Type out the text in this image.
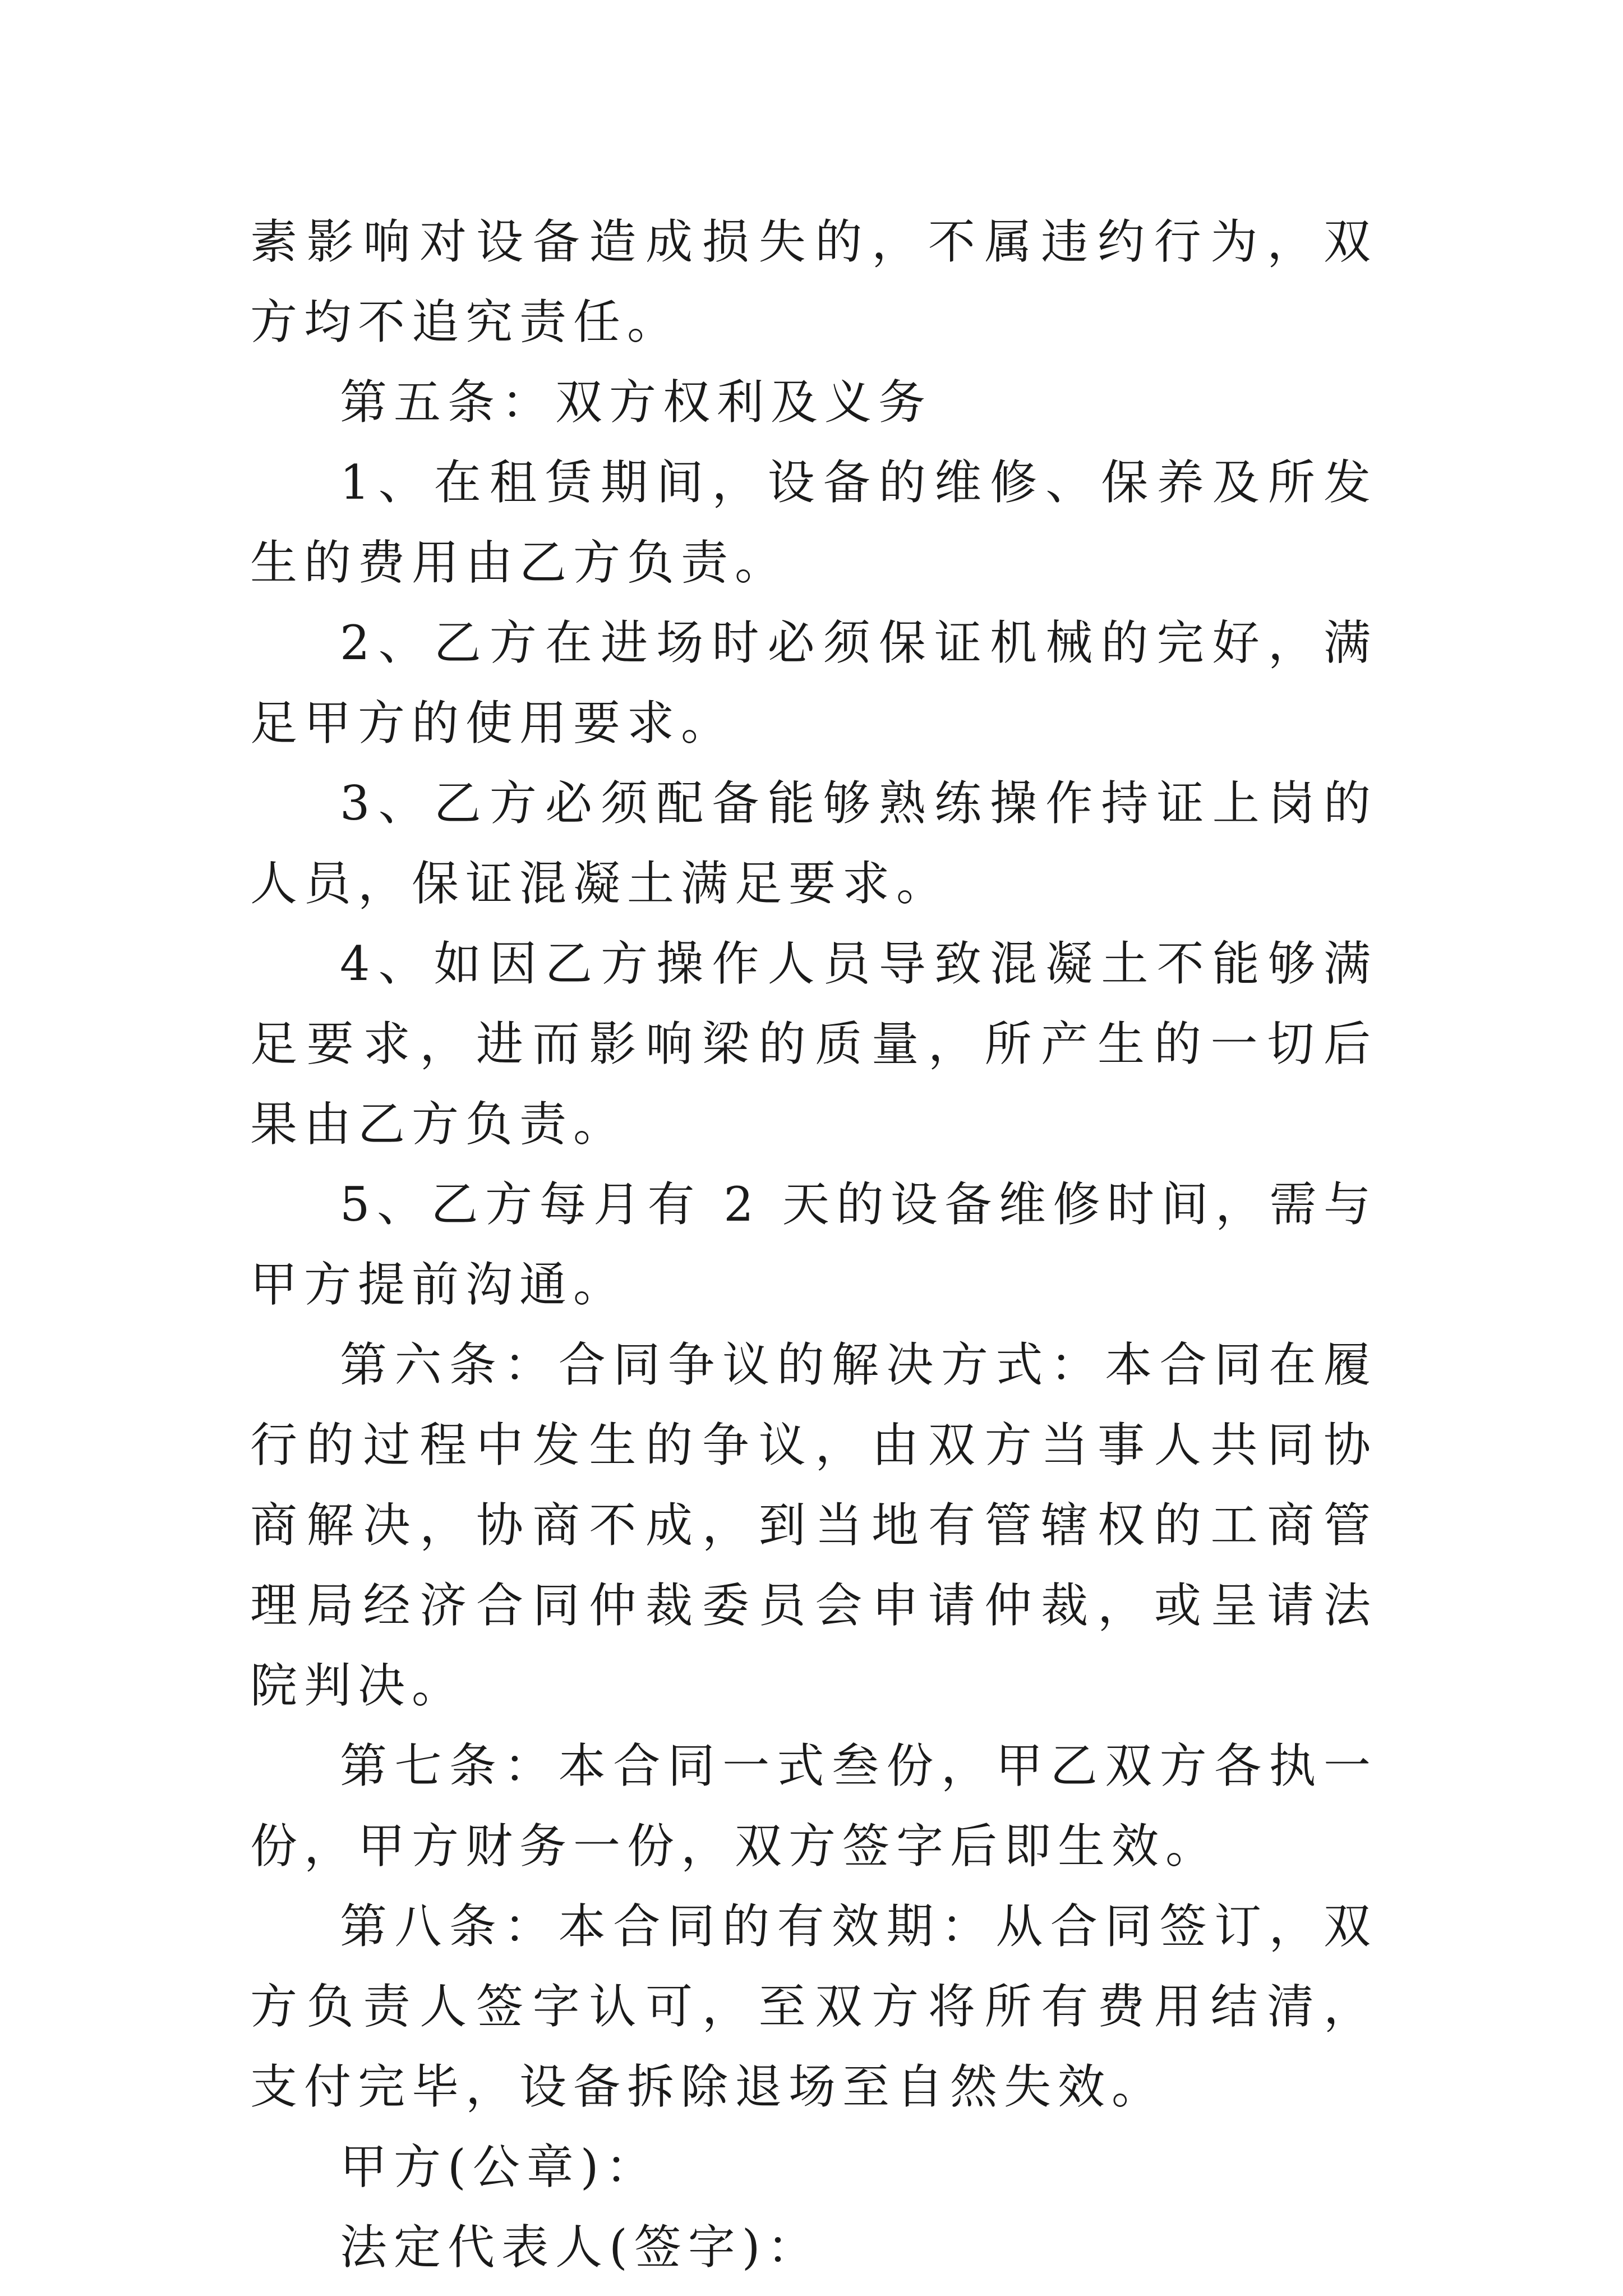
素影响对设备造成损失的，不属违约行为，双方均不追究责任。

第五条：双方权利及义务

1、在租赁期间，设备的维修、保养及所发生的费用由乙方负责。

2、乙方在进场时必须保证机械的完好，满足甲方的使用要求。

3、乙方必须配备能够熟练操作持证上岗的人员，保证混凝土满足要求。

4、如因乙方操作人员导致混凝土不能够满足要求，进而影响梁的质量，所产生的一切后果由乙方负责。

5、乙方每月有 2 天的设备维修时间，需与甲方提前沟通。

第六条：合同争议的解决方式：本合同在履行的过程中发生的争议，由双方当事人共同协商解决，协商不成，到当地有管辖权的工商管理局经济合同仲裁委员会申请仲裁，或呈请法院判决。

第七条：本合同一式叁份，甲乙双方各执一份，甲方财务一份，双方签字后即生效。

第八条：本合同的有效期：从合同签订，双方负责人签字认可，至双方将所有费用结清，支付完毕，设备拆除退场至自然失效。

甲方(公章)：

法定代表人(签字)：
